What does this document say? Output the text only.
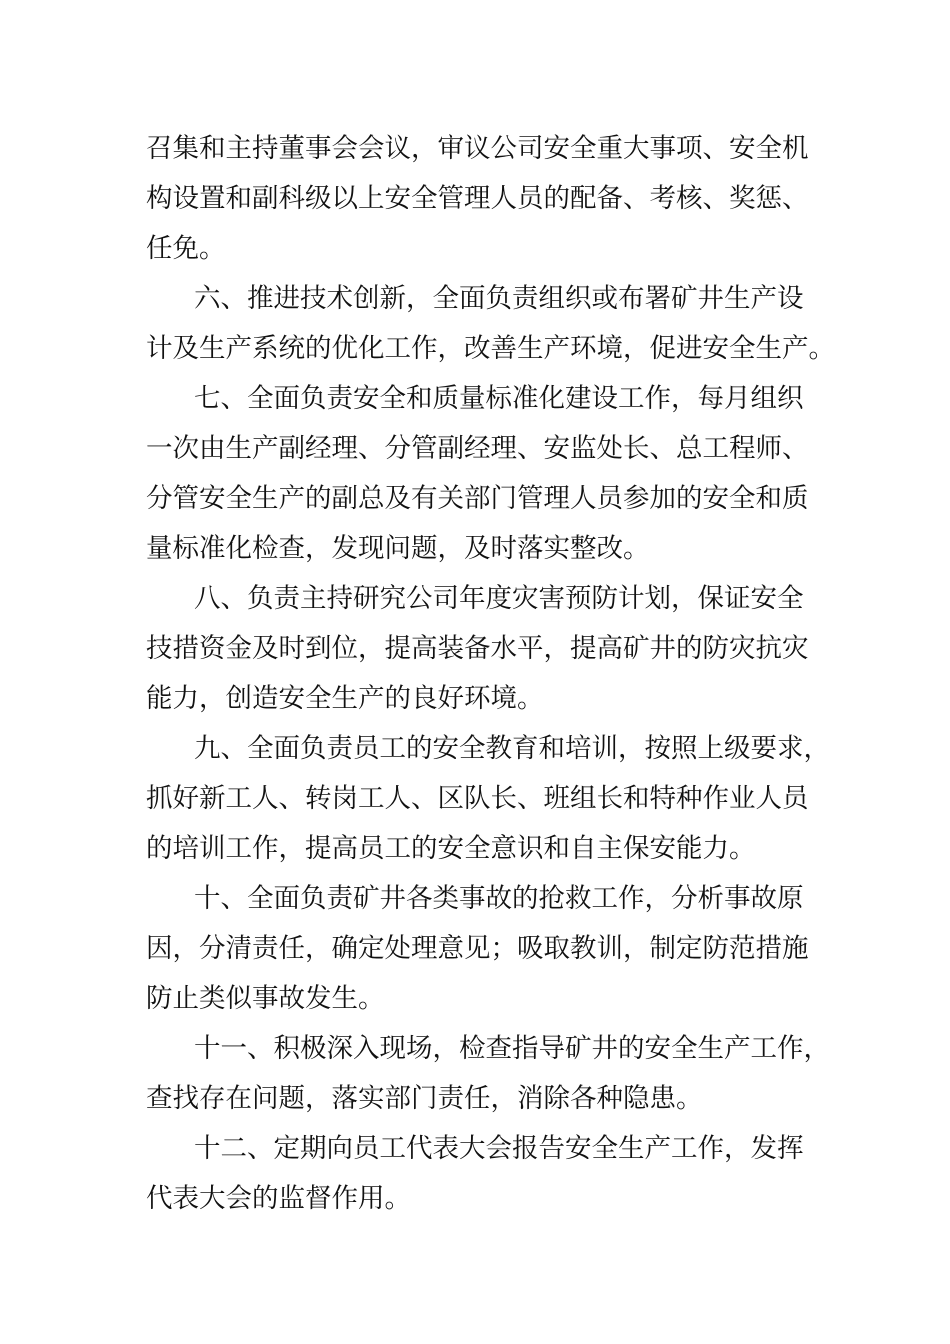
召集和主持董事会会议，审议公司安全重大事项、安全机
构设置和副科级以上安全管理人员的配备、考核、奖惩、
任免。
六、推进技术创新，全面负责组织或布署矿井生产设
计及生产系统的优化工作，改善生产环境，促进安全生产。
七、全面负责安全和质量标准化建设工作，每月组织
一次由生产副经理、分管副经理、安监处长、总工程师、
分管安全生产的副总及有关部门管理人员参加的安全和质
量标准化检查，发现问题，及时落实整改。
八、负责主持研究公司年度灾害预防计划，保证安全
技措资金及时到位，提高装备水平，提高矿井的防灾抗灾
能力，创造安全生产的良好环境。
九、全面负责员工的安全教育和培训，按照上级要求，
抓好新工人、转岗工人、区队长、班组长和特种作业人员
的培训工作，提高员工的安全意识和自主保安能力。
十、全面负责矿井各类事故的抢救工作，分析事故原
因，分清责任，确定处理意见；吸取教训，制定防范措施
防止类似事故发生。
十一、积极深入现场，检查指导矿井的安全生产工作，
查找存在问题，落实部门责任，消除各种隐患。
十二、定期向员工代表大会报告安全生产工作，发挥
代表大会的监督作用。
